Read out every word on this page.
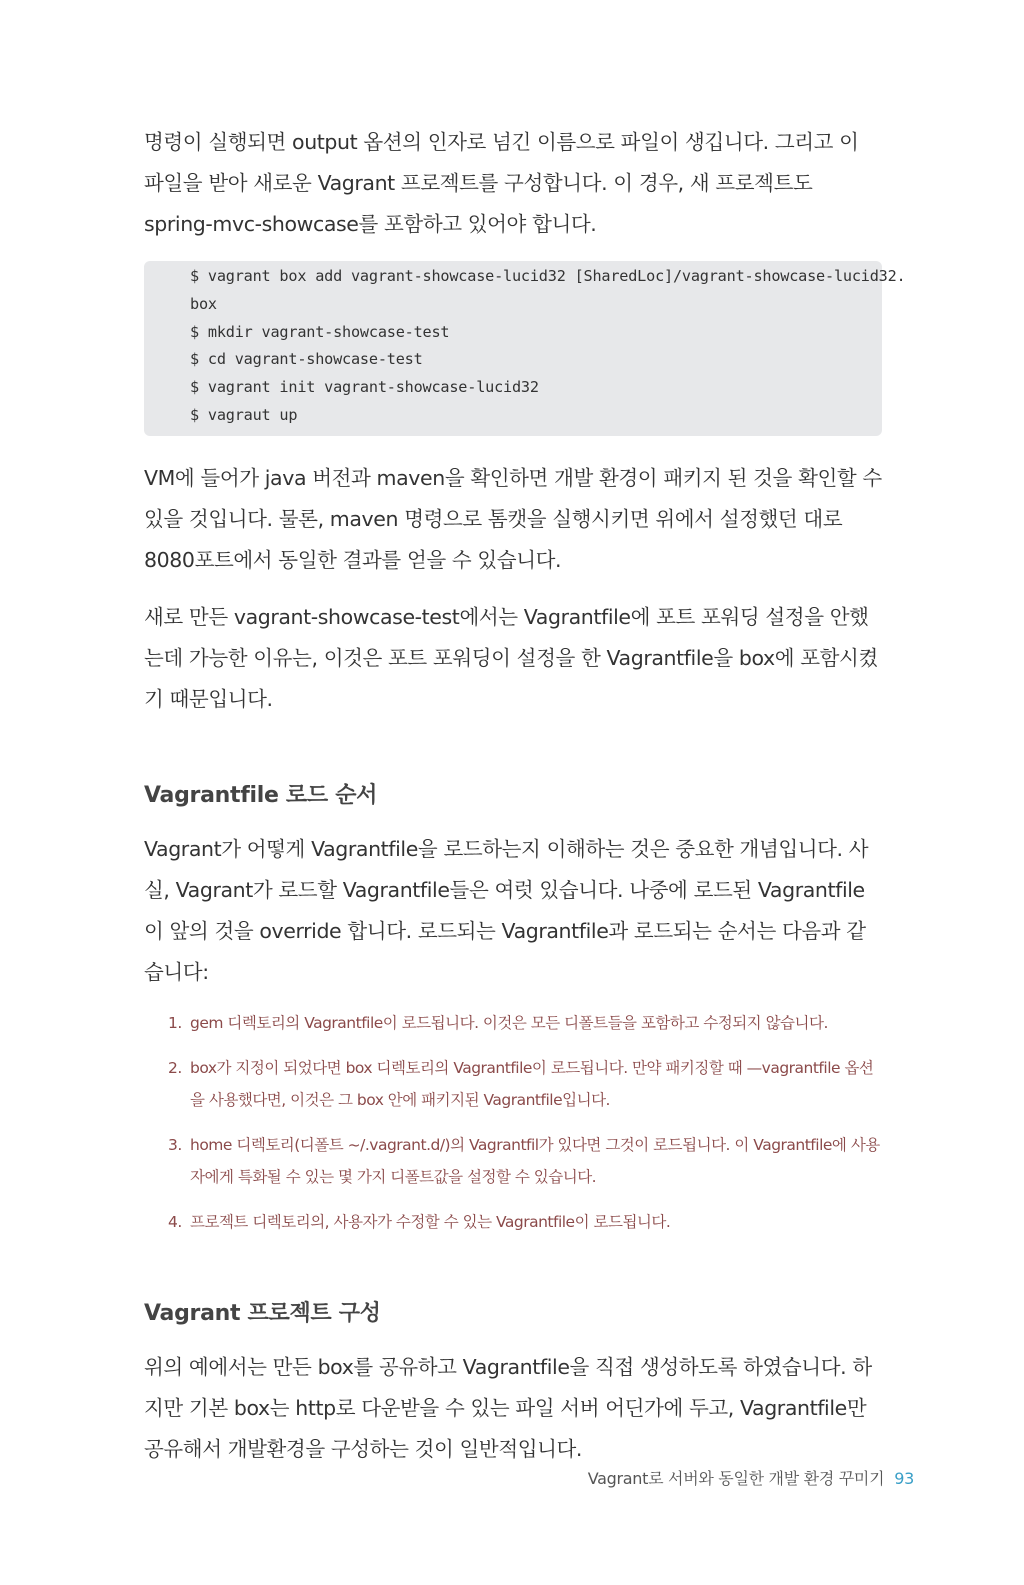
명령이 실행되면 output 옵션의 인자로 넘긴 이름으로 파일이 생깁니다. 그리고 이 파일을 받아 새로운 Vagrant 프로젝트를 구성합니다. 이 경우, 새 프로젝트도 spring-mvc-showcase를 포함하고 있어야 합니다.

$ vagrant box add vagrant-showcase-lucid32 [SharedLoc]/vagrant-showcase-lucid32.
box
$ mkdir vagrant-showcase-test
$ cd vagrant-showcase-test
$ vagrant init vagrant-showcase-lucid32
$ vagraut up

VM에 들어가 java 버전과 maven을 확인하면 개발 환경이 패키지 된 것을 확인할 수 있을 것입니다. 물론, maven 명령으로 톰캣을 실행시키면 위에서 설정했던 대로 8080포트에서 동일한 결과를 얻을 수 있습니다.

새로 만든 vagrant-showcase-test에서는 Vagrantfile에 포트 포워딩 설정을 안했는데 가능한 이유는, 이것은 포트 포워딩이 설정을 한 Vagrantfile을 box에 포함시켰기 때문입니다.

Vagrantfile 로드 순서

Vagrant가 어떻게 Vagrantfile을 로드하는지 이해하는 것은 중요한 개념입니다. 사실, Vagrant가 로드할 Vagrantfile들은 여럿 있습니다. 나중에 로드된 Vagrantfile이 앞의 것을 override 합니다. 로드되는 Vagrantfile과 로드되는 순서는 다음과 같습니다:

1. gem 디렉토리의 Vagrantfile이 로드됩니다. 이것은 모든 디폴트들을 포함하고 수정되지 않습니다.
2. box가 지정이 되었다면 box 디렉토리의 Vagrantfile이 로드됩니다. 만약 패키징할 때 —vagrantfile 옵션을 사용했다면, 이것은 그 box 안에 패키지된 Vagrantfile입니다.
3. home 디렉토리(디폴트 ~/.vagrant.d/)의 Vagrantfil가 있다면 그것이 로드됩니다. 이 Vagrantfile에 사용자에게 특화될 수 있는 몇 가지 디폴트값을 설정할 수 있습니다.
4. 프로젝트 디렉토리의, 사용자가 수정할 수 있는 Vagrantfile이 로드됩니다.
Vagrant 프로젝트 구성

위의 예에서는 만든 box를 공유하고 Vagrantfile을 직접 생성하도록 하였습니다. 하지만 기본 box는 http로 다운받을 수 있는 파일 서버 어딘가에 두고, Vagrantfile만 공유해서 개발환경을 구성하는 것이 일반적입니다.

Vagrant로 서버와 동일한 개발 환경 꾸미기 93
